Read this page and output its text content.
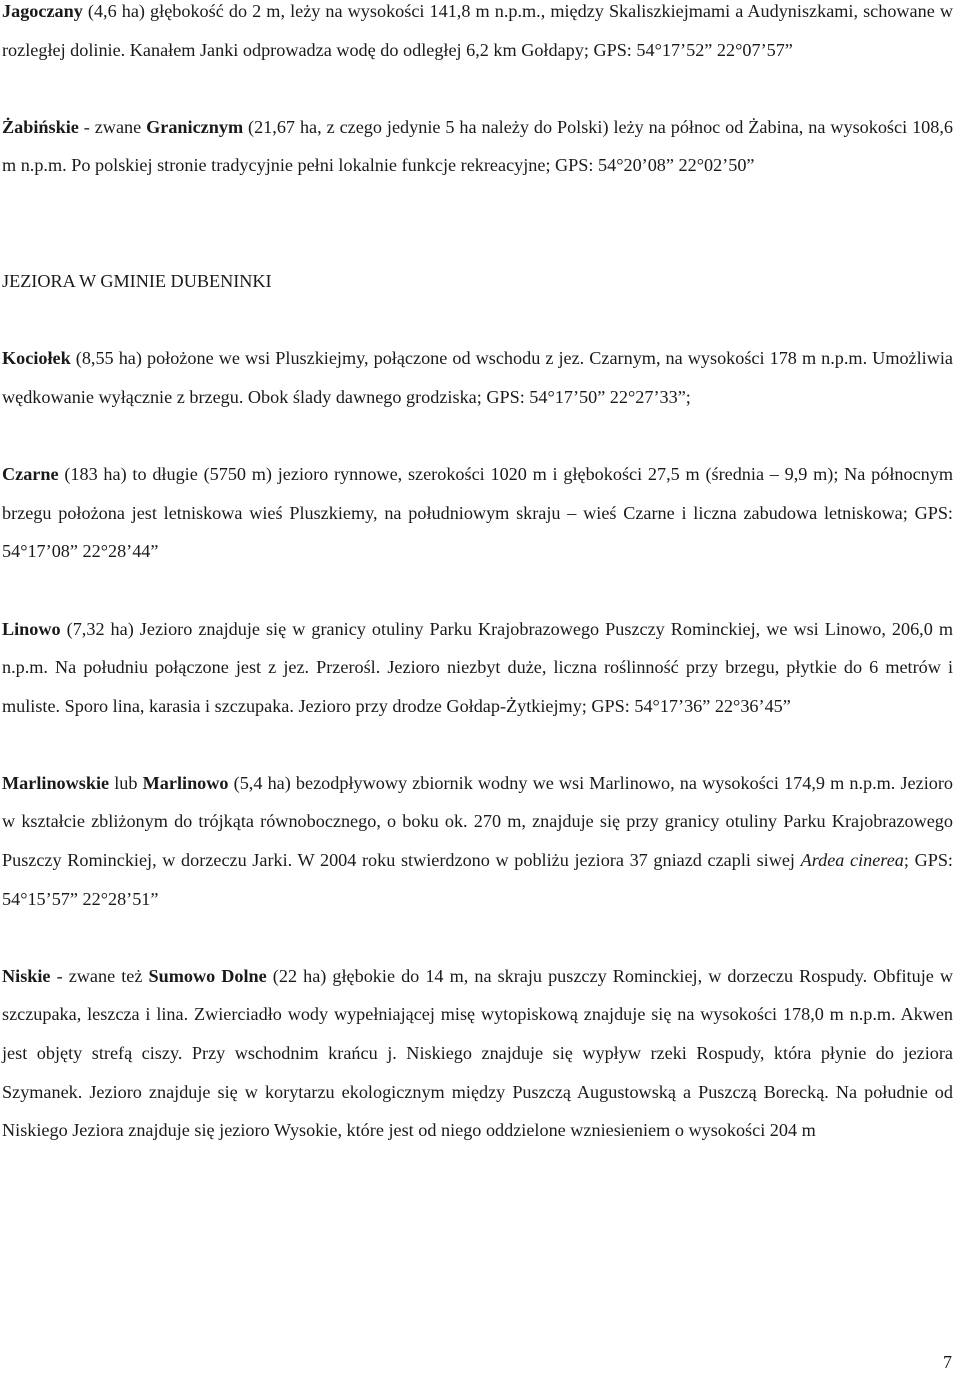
Jagoczany (4,6 ha) głębokość do 2 m, leży na wysokości 141,8 m n.p.m., między Skaliszkiejmami a Audyniszkami, schowane w rozległej dolinie. Kanałem Janki odprowadza wodę do odległej 6,2 km Gołdapy; GPS: 54°17’52” 22°07’57”

Żabińskie - zwane Granicznym (21,67 ha, z czego jedynie 5 ha należy do Polski) leży na północ od Żabina, na wysokości 108,6 m n.p.m. Po polskiej stronie tradycyjnie pełni lokalnie funkcje rekreacyjne; GPS: 54°20’08” 22°02’50”

JEZIORA W GMINIE DUBENINKI

Kociołek (8,55 ha) położone we wsi Pluszkiejmy, połączone od wschodu z jez. Czarnym, na wysokości 178 m n.p.m. Umożliwia wędkowanie wyłącznie z brzegu. Obok ślady dawnego grodziska; GPS: 54°17’50” 22°27’33”;

Czarne (183 ha) to długie (5750 m) jezioro rynnowe, szerokości 1020 m i głębokości 27,5 m (średnia – 9,9 m); Na północnym brzegu położona jest letniskowa wieś Pluszkiemy, na południowym skraju – wieś Czarne i liczna zabudowa letniskowa; GPS: 54°17’08” 22°28’44”

Linowo (7,32 ha) Jezioro znajduje się w granicy otuliny Parku Krajobrazowego Puszczy Rominckiej, we wsi Linowo, 206,0 m n.p.m. Na południu połączone jest z jez. Przerośl. Jezioro niezbyt duże, liczna roślinność przy brzegu, płytkie do 6 metrów i muliste. Sporo lina, karasia i szczupaka. Jezioro przy drodze Gołdap-Żytkiejmy; GPS: 54°17’36” 22°36’45”

Marlinowskie lub Marlinowo (5,4 ha) bezodpływowy zbiornik wodny we wsi Marlinowo, na wysokości 174,9 m n.p.m. Jezioro w kształcie zbliżonym do trójkąta równobocznego, o boku ok. 270 m, znajduje się przy granicy otuliny Parku Krajobrazowego Puszczy Rominckiej, w dorzeczu Jarki. W 2004 roku stwierdzono w pobliżu jeziora 37 gniazd czapli siwej Ardea cinerea; GPS: 54°15’57” 22°28’51”

Niskie - zwane też Sumowo Dolne (22 ha) głębokie do 14 m, na skraju puszczy Rominckiej, w dorzeczu Rospudy. Obfituje w szczupaka, leszcza i lina. Zwierciadło wody wypełniającej misę wytopiskową znajduje się na wysokości 178,0 m n.p.m. Akwen jest objęty strefą ciszy. Przy wschodnim krańcu j. Niskiego znajduje się wypływ rzeki Rospudy, która płynie do jeziora Szymanek. Jezioro znajduje się w korytarzu ekologicznym między Puszczą Augustowską a Puszczą Borecką. Na południe od Niskiego Jeziora znajduje się jezioro Wysokie, które jest od niego oddzielone wzniesieniem o wysokości 204 m

7
